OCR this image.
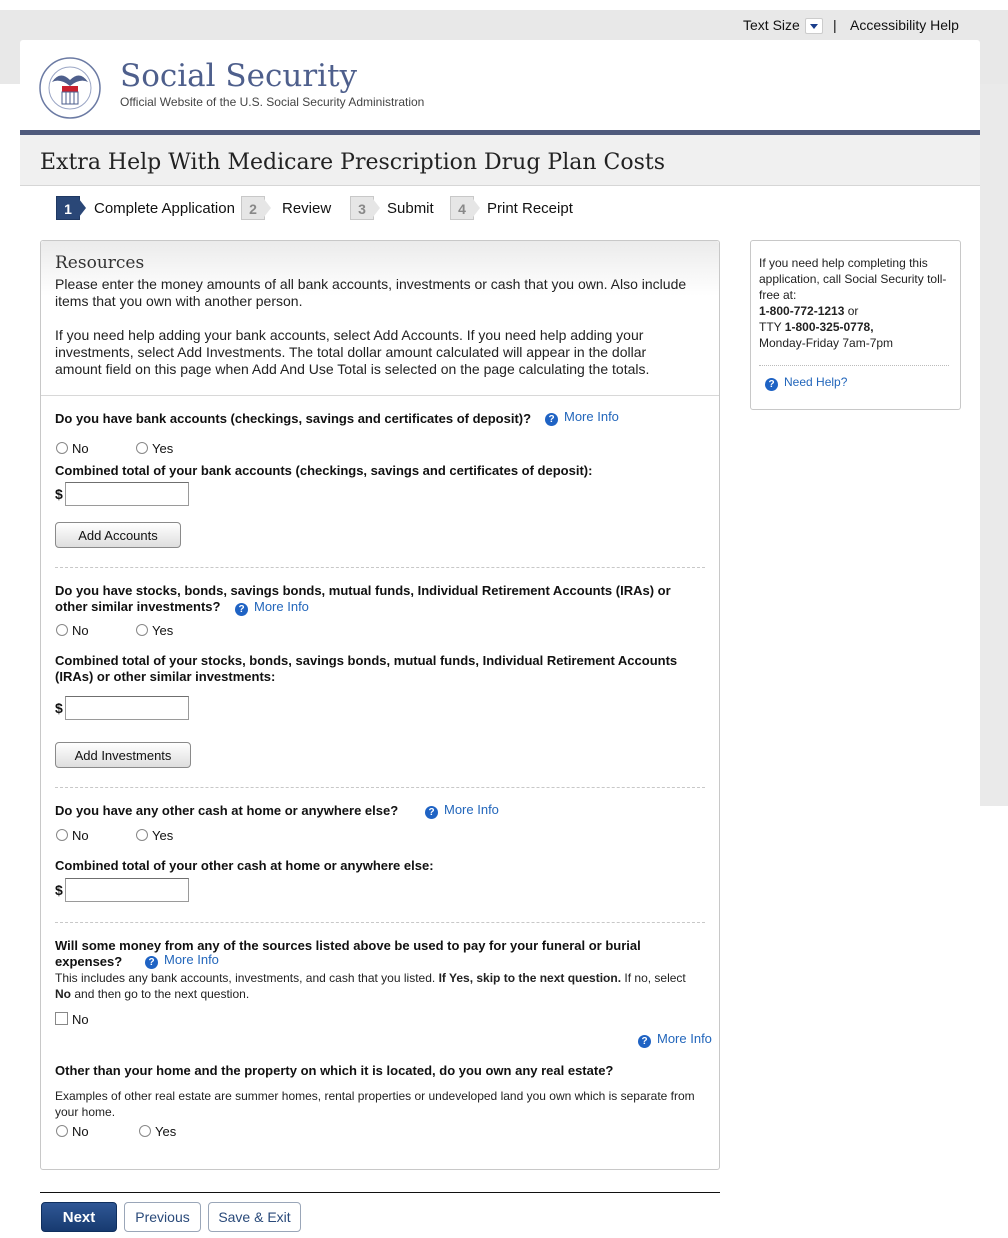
Text Size | Accessibility Help
Social Security
Official Website of the U.S. Social Security Administration
Extra Help With Medicare Prescription Drug Plan Costs
1	Complete Application	2	Review	3	Submit	4	Print Receipt
Resources
Please enter the money amounts of all bank accounts, investments or cash that you own. Also include items that you own with another person.
If you need help adding your bank accounts, select Add Accounts. If you need help adding your investments, select Add Investments. The total dollar amount calculated will appear in the dollar amount field on this page when Add And Use Total is selected on the page calculating the totals.
Do you have bank accounts (checkings, savings and certificates of deposit)?	? More Info
No	Yes
Combined total of your bank accounts (checkings, savings and certificates of deposit):
$
Add Accounts
Do you have stocks, bonds, savings bonds, mutual funds, Individual Retirement Accounts (IRAs) or other similar investments?	? More Info
No	Yes
Combined total of your stocks, bonds, savings bonds, mutual funds, Individual Retirement Accounts (IRAs) or other similar investments:
$
Add Investments
Do you have any other cash at home or anywhere else?	? More Info
No	Yes
Combined total of your other cash at home or anywhere else:
$
Will some money from any of the sources listed above be used to pay for your funeral or burial expenses?	? More Info
This includes any bank accounts, investments, and cash that you listed. If Yes, skip to the next question. If no, select No and then go to the next question.
No
? More Info
Other than your home and the property on which it is located, do you own any real estate?
Examples of other real estate are summer homes, rental properties or undeveloped land you own which is separate from your home.
No	Yes
If you need help completing this application, call Social Security toll-free at:
1-800-772-1213 or
TTY 1-800-325-0778,
Monday-Friday 7am-7pm
? Need Help?
Next	Previous	Save & Exit
